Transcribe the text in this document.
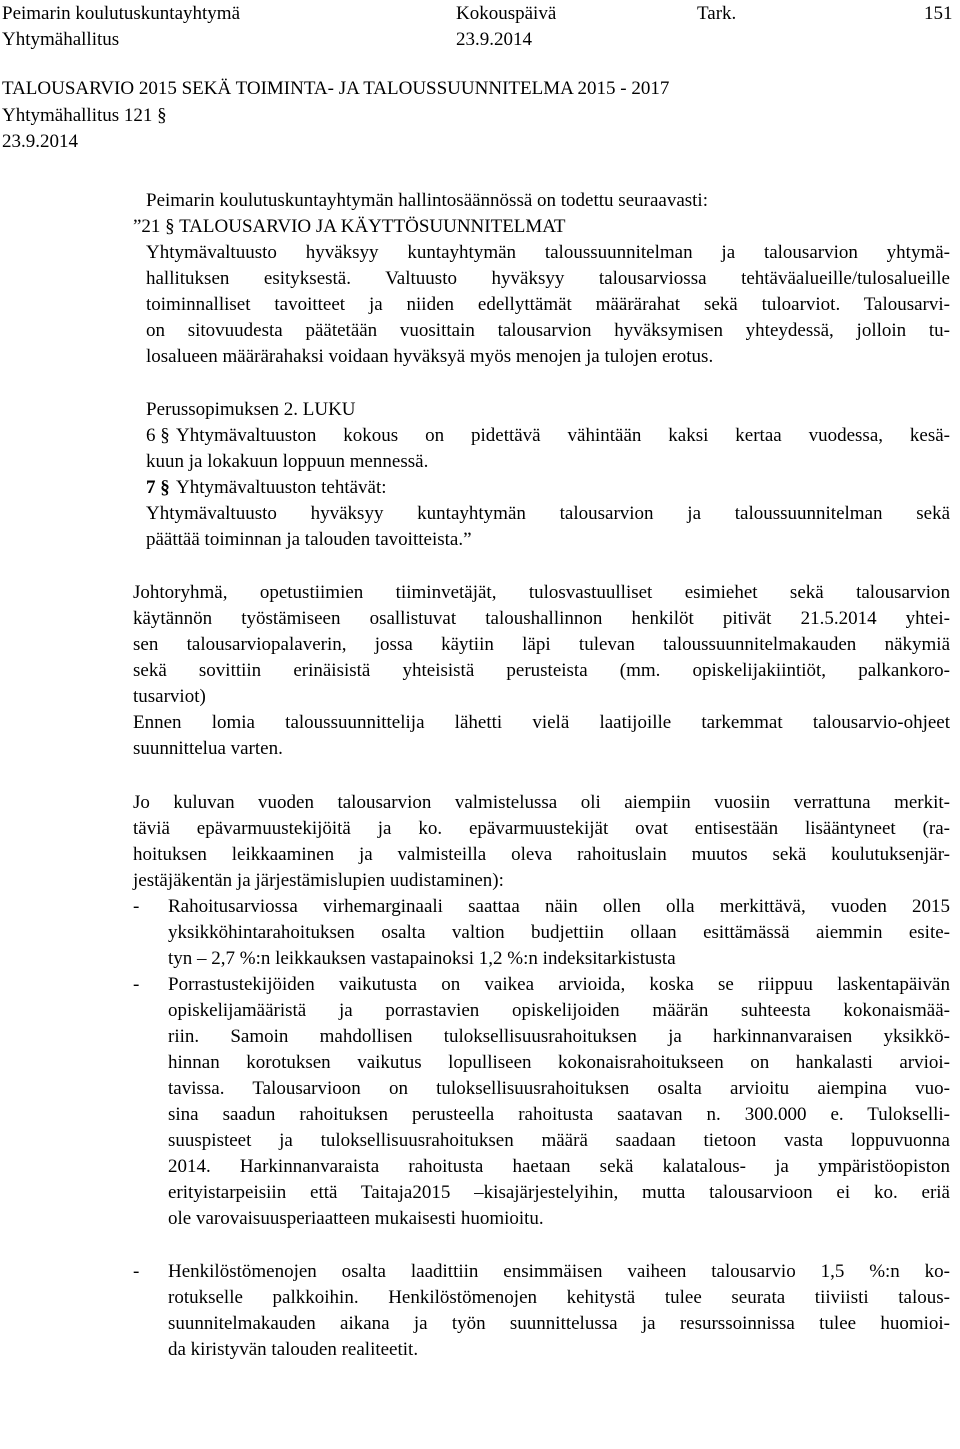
Peimarin koulutuskuntayhtymä	Kokouspäivä	Tark.	151
Yhtymähallitus	23.9.2014
TALOUSARVIO 2015 SEKÄ TOIMINTA- JA TALOUSSUUNNITELMA 2015 - 2017
Yhtymähallitus 121 §
23.9.2014
Peimarin koulutuskuntayhtymän hallintosäännössä on todettu seuraavasti:
”21 § TALOUSARVIO JA KÄYTTÖSUUNNITELMAT
Yhtymävaltuusto hyväksyy kuntayhtymän taloussuunnitelman ja talousarvion yhtymä-
hallituksen esityksestä. Valtuusto hyväksyy talousarviossa tehtäväalueille/tulosalueille
toiminnalliset tavoitteet ja niiden edellyttämät määrärahat sekä tuloarviot. Talousarvi-
on sitovuudesta päätetään vuosittain talousarvion hyväksymisen yhteydessä, jolloin tu-
losalueen määrärahaksi voidaan hyväksyä myös menojen ja tulojen erotus.
Perussopimuksen 2. LUKU
6 § Yhtymävaltuuston kokous on pidettävä vähintään kaksi kertaa vuodessa, kesä-
kuun ja lokakuun loppuun mennessä.
7 § Yhtymävaltuuston tehtävät:
Yhtymävaltuusto hyväksyy kuntayhtymän talousarvion ja taloussuunnitelman sekä
päättää toiminnan ja talouden tavoitteista.”
Johtoryhmä, opetustiimien tiiminvetäjät, tulosvastuulliset esimiehet sekä talousarvion
käytännön työstämiseen osallistuvat taloushallinnon henkilöt pitivät 21.5.2014 yhtei-
sen talousarviopalaverin, jossa käytiin läpi tulevan taloussuunnitelmakauden näkymiä
sekä sovittiin erinäisistä yhteisistä perusteista (mm. opiskelijakiintiöt, palkankoro-
tusarviot)
Ennen lomia taloussuunnittelija lähetti vielä laatijoille tarkemmat talousarvio-ohjeet
suunnittelua varten.
Jo kuluvan vuoden talousarvion valmistelussa oli aiempiin vuosiin verrattuna merkit-
täviä epävarmuustekijöitä ja ko. epävarmuustekijät ovat entisestään lisääntyneet (ra-
hoituksen leikkaaminen ja valmisteilla oleva rahoituslain muutos sekä koulutuksenjär-
jestäjäkentän ja järjestämislupien uudistaminen):
- Rahoitusarviossa virhemarginaali saattaa näin ollen olla merkittävä, vuoden 2015
yksikköhintarahoituksen osalta valtion budjettiin ollaan esittämässä aiemmin esite-
tyn – 2,7 %:n leikkauksen vastapainoksi 1,2 %:n indeksitarkistusta
- Porrastustekijöiden vaikutusta on vaikea arvioida, koska se riippuu laskentapäivän
opiskelijamääristä ja porrastavien opiskelijoiden määrän suhteesta kokonaismää-
riin. Samoin mahdollisen tuloksellisuusrahoituksen ja harkinnanvaraisen yksikkö-
hinnan korotuksen vaikutus lopulliseen kokonaisrahoitukseen on hankalasti arvioi-
tavissa. Talousarvioon on tuloksellisuusrahoituksen osalta arvioitu aiempina vuo-
sina saadun rahoituksen perusteella rahoitusta saatavan n. 300.000 e. Tulokselli-
suuspisteet ja tuloksellisuusrahoituksen määrä saadaan tietoon vasta loppuvuonna
2014. Harkinnanvaraista rahoitusta haetaan sekä kalatalous- ja ympäristöopiston
erityistarpeisiin että Taitaja2015 –kisajärjestelyihin, mutta talousarvioon ei ko. eriä
ole varovaisuusperiaatteen mukaisesti huomioitu.
- Henkilöstömenojen osalta laadittiin ensimmäisen vaiheen talousarvio 1,5 %:n ko-
rotukselle palkkoihin. Henkilöstömenojen kehitystä tulee seurata tiiviisti talous-
suunnitelmakauden aikana ja työn suunnittelussa ja resurssoinnissa tulee huomioi-
da kiristyvän talouden realiteetit.
